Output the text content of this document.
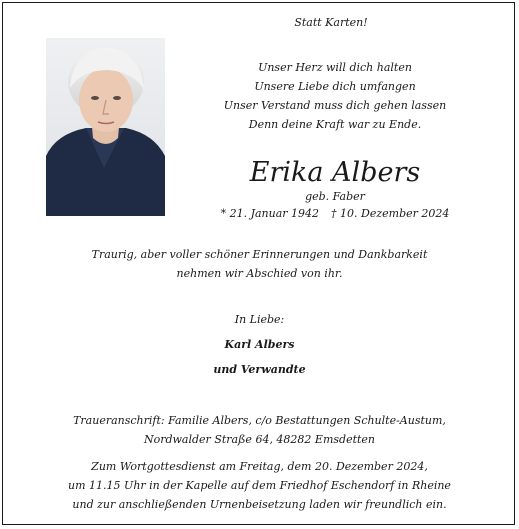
Statt Karten!
Unser Herz will dich halten
Unsere Liebe dich umfangen
Unser Verstand muss dich gehen lassen
Denn deine Kraft war zu Ende.
Erika Albers
geb. Faber
* 21. Januar 1942 † 10. Dezember 2024
Traurig, aber voller schöner Erinnerungen und Dankbarkeit
nehmen wir Abschied von ihr.
In Liebe:
Karl Albers
und Verwandte
Traueranschrift: Familie Albers, c/o Bestattungen Schulte-Austum,
Nordwalder Straße 64, 48282 Emsdetten
Zum Wortgottesdienst am Freitag, dem 20. Dezember 2024,
um 11.15 Uhr in der Kapelle auf dem Friedhof Eschendorf in Rheine
und zur anschließenden Urnenbeisetzung laden wir freundlich ein.
